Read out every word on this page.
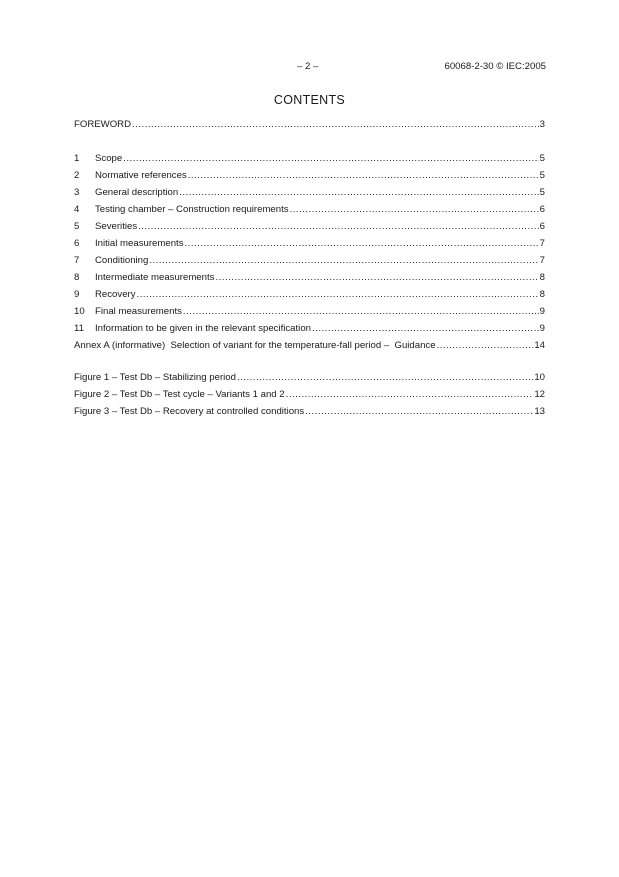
– 2 –	60068-2-30 © IEC:2005
CONTENTS
FOREWORD .....	3
1	Scope .....	5
2	Normative references .....	5
3	General description .....	5
4	Testing chamber – Construction requirements .....	6
5	Severities .....	6
6	Initial measurements .....	7
7	Conditioning .....	7
8	Intermediate measurements .....	8
9	Recovery .....	8
10	Final measurements .....	9
11	Information to be given in the relevant specification .....	9
Annex A (informative)  Selection of variant for the temperature-fall period –  Guidance .....	14
Figure 1 – Test Db – Stabilizing period .....	10
Figure 2 – Test Db – Test cycle – Variants 1 and 2 .....	12
Figure 3 – Test Db – Recovery at controlled conditions .....	13
